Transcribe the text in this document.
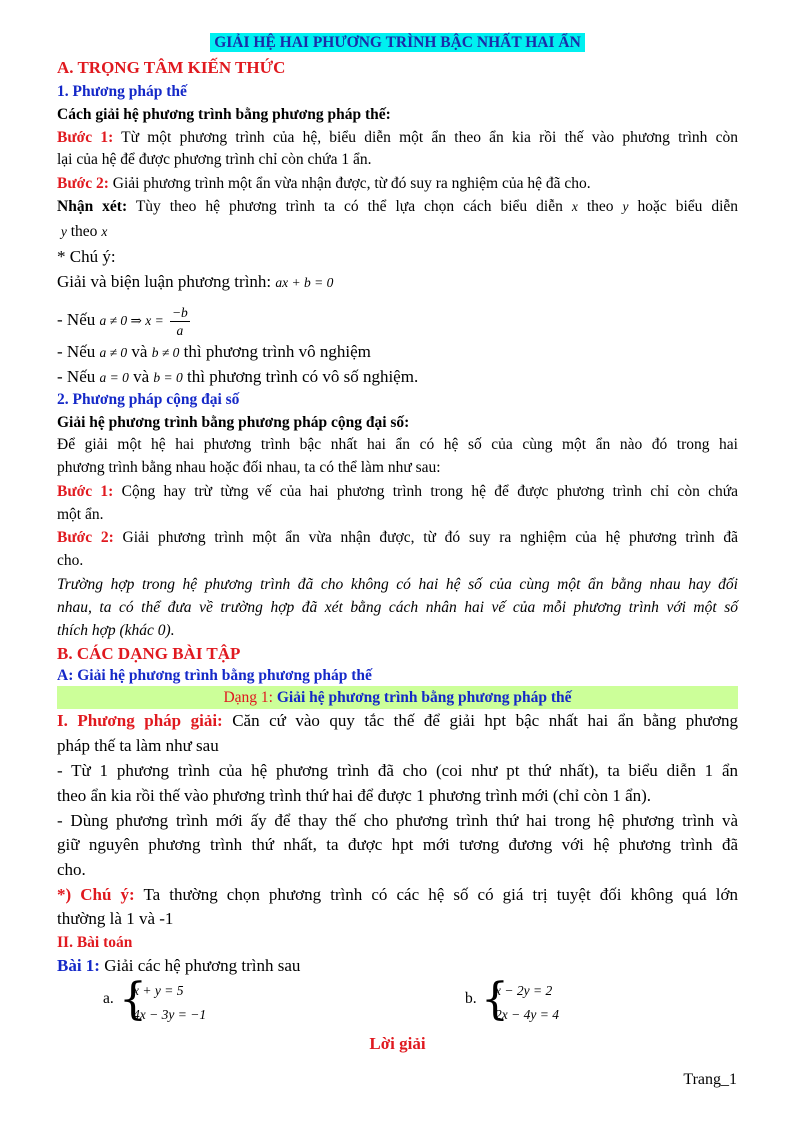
GIẢI HỆ HAI PHƯƠNG TRÌNH BẬC NHẤT HAI ẨN
A. TRỌNG TÂM KIẾN THỨC
1. Phương pháp thế
Cách giải hệ phương trình bằng phương pháp thế:
Bước 1: Từ một phương trình của hệ, biểu diễn một ẩn theo ẩn kia rồi thế vào phương trình còn
lại của hệ để được phương trình chỉ còn chứa 1 ẩn.
Bước 2: Giải phương trình một ẩn vừa nhận được, từ đó suy ra nghiệm của hệ đã cho.
Nhận xét: Tùy theo hệ phương trình ta có thể lựa chọn cách biểu diễn x theo y hoặc biểu diễn
y theo x
* Chú ý:
Giải và biện luận phương trình: ax + b = 0
- Nếu a ≠ 0 ⇒ $x = \frac{-b}{a}$
- Nếu a ≠ 0 và b ≠ 0 thì phương trình vô nghiệm
- Nếu a = 0 và b = 0 thì phương trình có vô số nghiệm.
2. Phương pháp cộng đại số
Giải hệ phương trình bằng phương pháp cộng đại số:
Để giải một hệ hai phương trình bậc nhất hai ẩn có hệ số của cùng một ẩn nào đó trong hai
phương trình bằng nhau hoặc đối nhau, ta có thể làm như sau:
Bước 1: Cộng hay trừ từng vế của hai phương trình trong hệ để được phương trình chỉ còn chứa
một ẩn.
Bước 2: Giải phương trình một ẩn vừa nhận được, từ đó suy ra nghiệm của hệ phương trình đã
cho.
Trường hợp trong hệ phương trình đã cho không có hai hệ số của cùng một ẩn bằng nhau hay đối
nhau, ta có thể đưa về trường hợp đã xét bằng cách nhân hai vế của mỗi phương trình với một số
thích hợp (khác 0).
B. CÁC DẠNG BÀI TẬP
A: Giải hệ phương trình bằng phương pháp thế
Dạng 1: Giải hệ phương trình bằng phương pháp thế
I. Phương pháp giải: Căn cứ vào quy tắc thế để giải hpt bậc nhất hai ẩn bằng phương
pháp thế ta làm như sau
- Từ 1 phương trình của hệ phương trình đã cho (coi như pt thứ nhất), ta biểu diễn 1 ẩn
theo ẩn kia rồi thế vào phương trình thứ hai để được 1 phương trình mới (chỉ còn 1 ẩn).
- Dùng phương trình mới ấy để thay thế cho phương trình thứ hai trong hệ phương trình và
giữ nguyên phương trình thứ nhất, ta được hpt mới tương đương với hệ phương trình đã
cho.
*) Chú ý: Ta thường chọn phương trình có các hệ số có giá trị tuyệt đối không quá lớn
thường là 1 và -1
II. Bài toán
Bài 1: Giải các hệ phương trình sau
a. {
x + y = 5
4x − 3y = −1
b. {
x − 2y = 2
2x − 4y = 4
Lời giải
Trang_1
